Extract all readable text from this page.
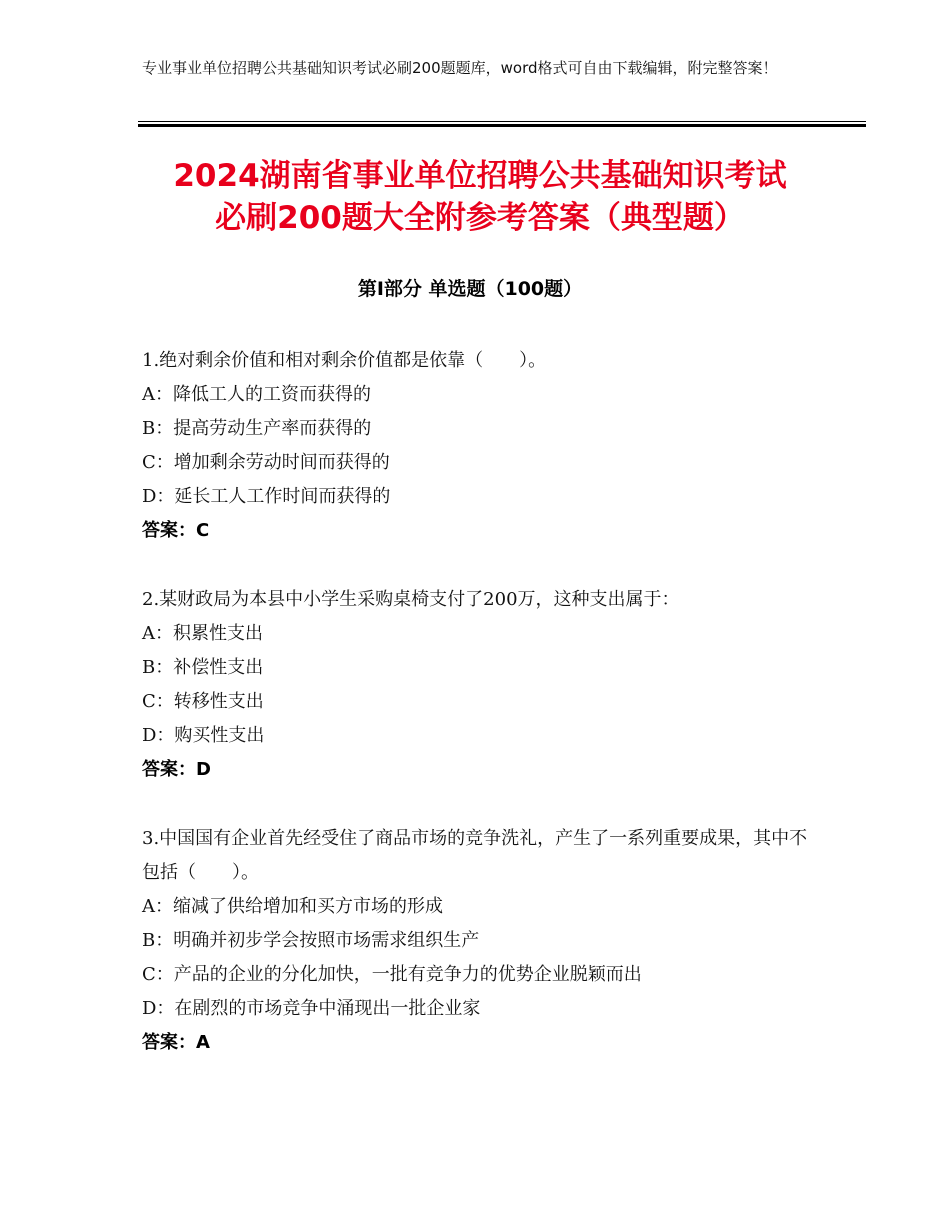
专业事业单位招聘公共基础知识考试必刷200题题库，word格式可自由下载编辑，附完整答案！
2024湖南省事业单位招聘公共基础知识考试
必刷200题大全附参考答案（典型题）
第Ⅰ部分 单选题（100题）
1.绝对剩余价值和相对剩余价值都是依靠（　　）。
A：降低工人的工资而获得的
B：提高劳动生产率而获得的
C：增加剩余劳动时间而获得的
D：延长工人工作时间而获得的
答案：C
2.某财政局为本县中小学生采购桌椅支付了200万，这种支出属于：
A：积累性支出
B：补偿性支出
C：转移性支出
D：购买性支出
答案：D
3.中国国有企业首先经受住了商品市场的竞争洗礼，产生了一系列重要成果，其中不包括（　　）。
A：缩减了供给增加和买方市场的形成
B：明确并初步学会按照市场需求组织生产
C：产品的企业的分化加快，一批有竞争力的优势企业脱颖而出
D：在剧烈的市场竞争中涌现出一批企业家
答案：A
